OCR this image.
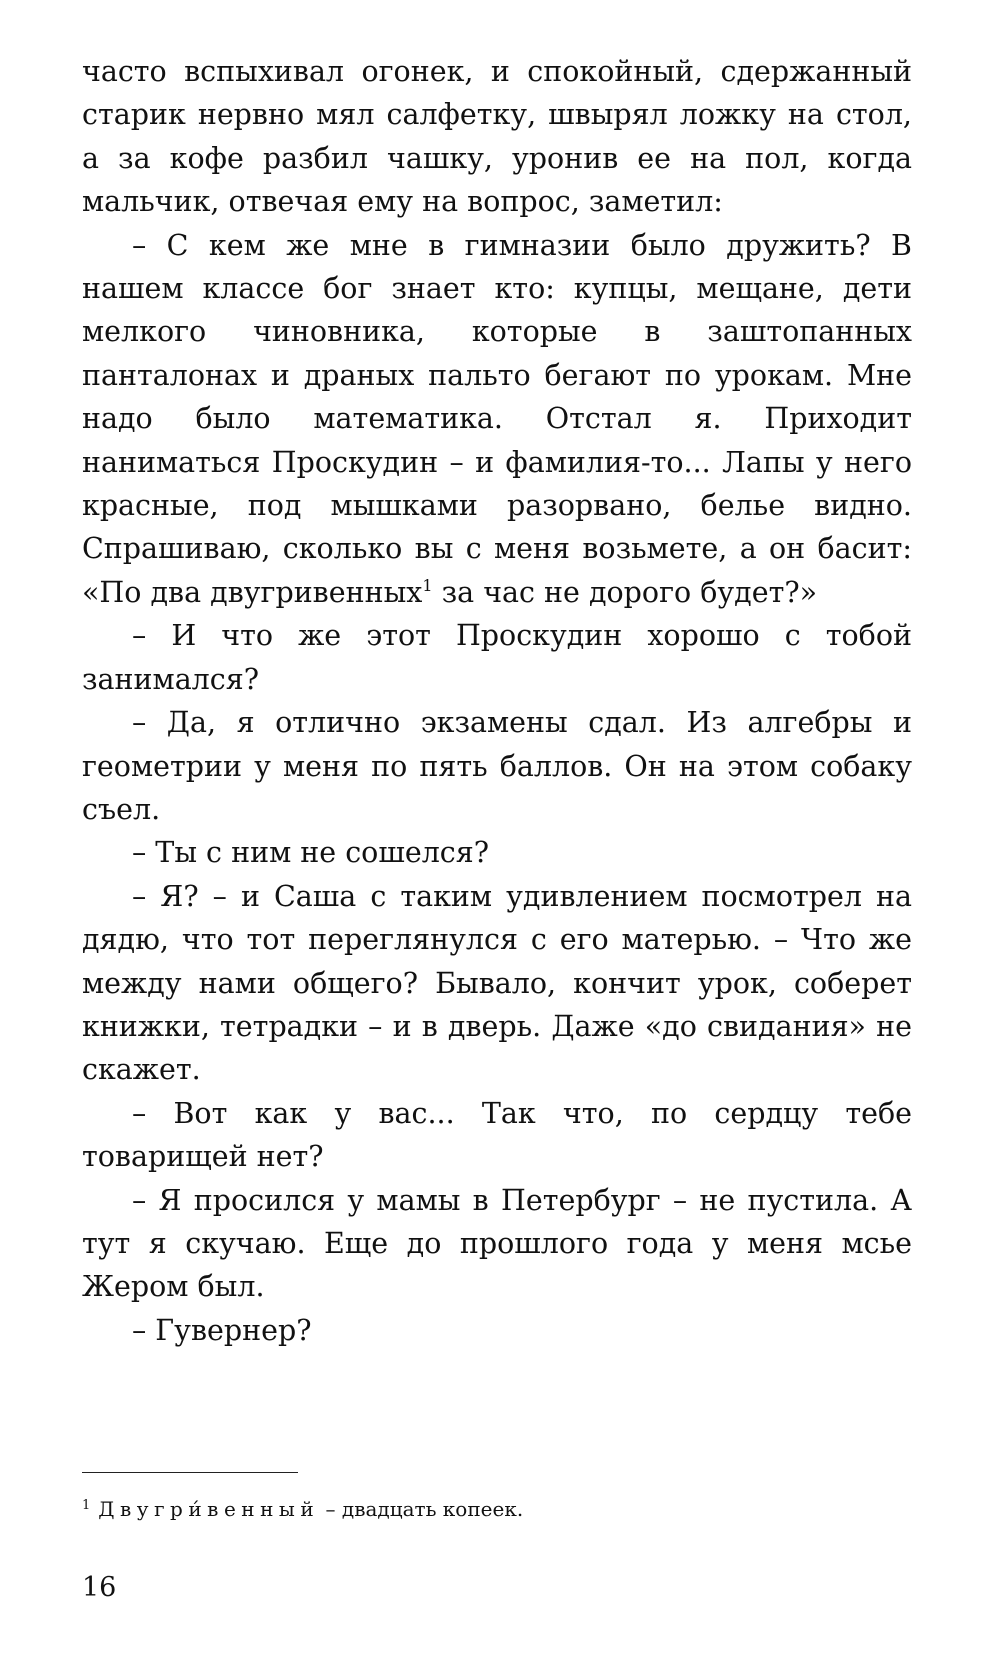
часто вспыхивал огонек, и спокойный, сдержанный старик нервно мял салфетку, швырял ложку на стол, а за кофе разбил чашку, уронив ее на пол, когда мальчик, отвечая ему на вопрос, заметил:

– С кем же мне в гимназии было дружить? В нашем классе бог знает кто: купцы, мещане, дети мелкого чиновника, которые в заштопанных панталонах и драных пальто бегают по урокам. Мне надо было математика. Отстал я. Приходит наниматься Проскудин – и фамилия-то... Лапы у него красные, под мышками разорвано, белье видно. Спрашиваю, сколько вы с меня возьмете, а он басит: «По два двугривенных$^1$ за час не дорого будет?»

– И что же этот Проскудин хорошо с тобой занимался?

– Да, я отлично экзамены сдал. Из алгебры и геометрии у меня по пять баллов. Он на этом собаку съел.

– Ты с ним не сошелся?

– Я? – и Саша с таким удивлением посмотрел на дядю, что тот переглянулся с его матерью. – Что же между нами общего? Бывало, кончит урок, соберет книжки, тетрадки – и в дверь. Даже «до свидания» не скажет.

– Вот как у вас... Так что, по сердцу тебе товарищей нет?

– Я просился у мамы в Петербург – не пустила. А тут я скучаю. Еще до прошлого года у меня мсье Жером был.

– Гувернер?

$^1$ Двугри́венный – двадцать копеек.
16
